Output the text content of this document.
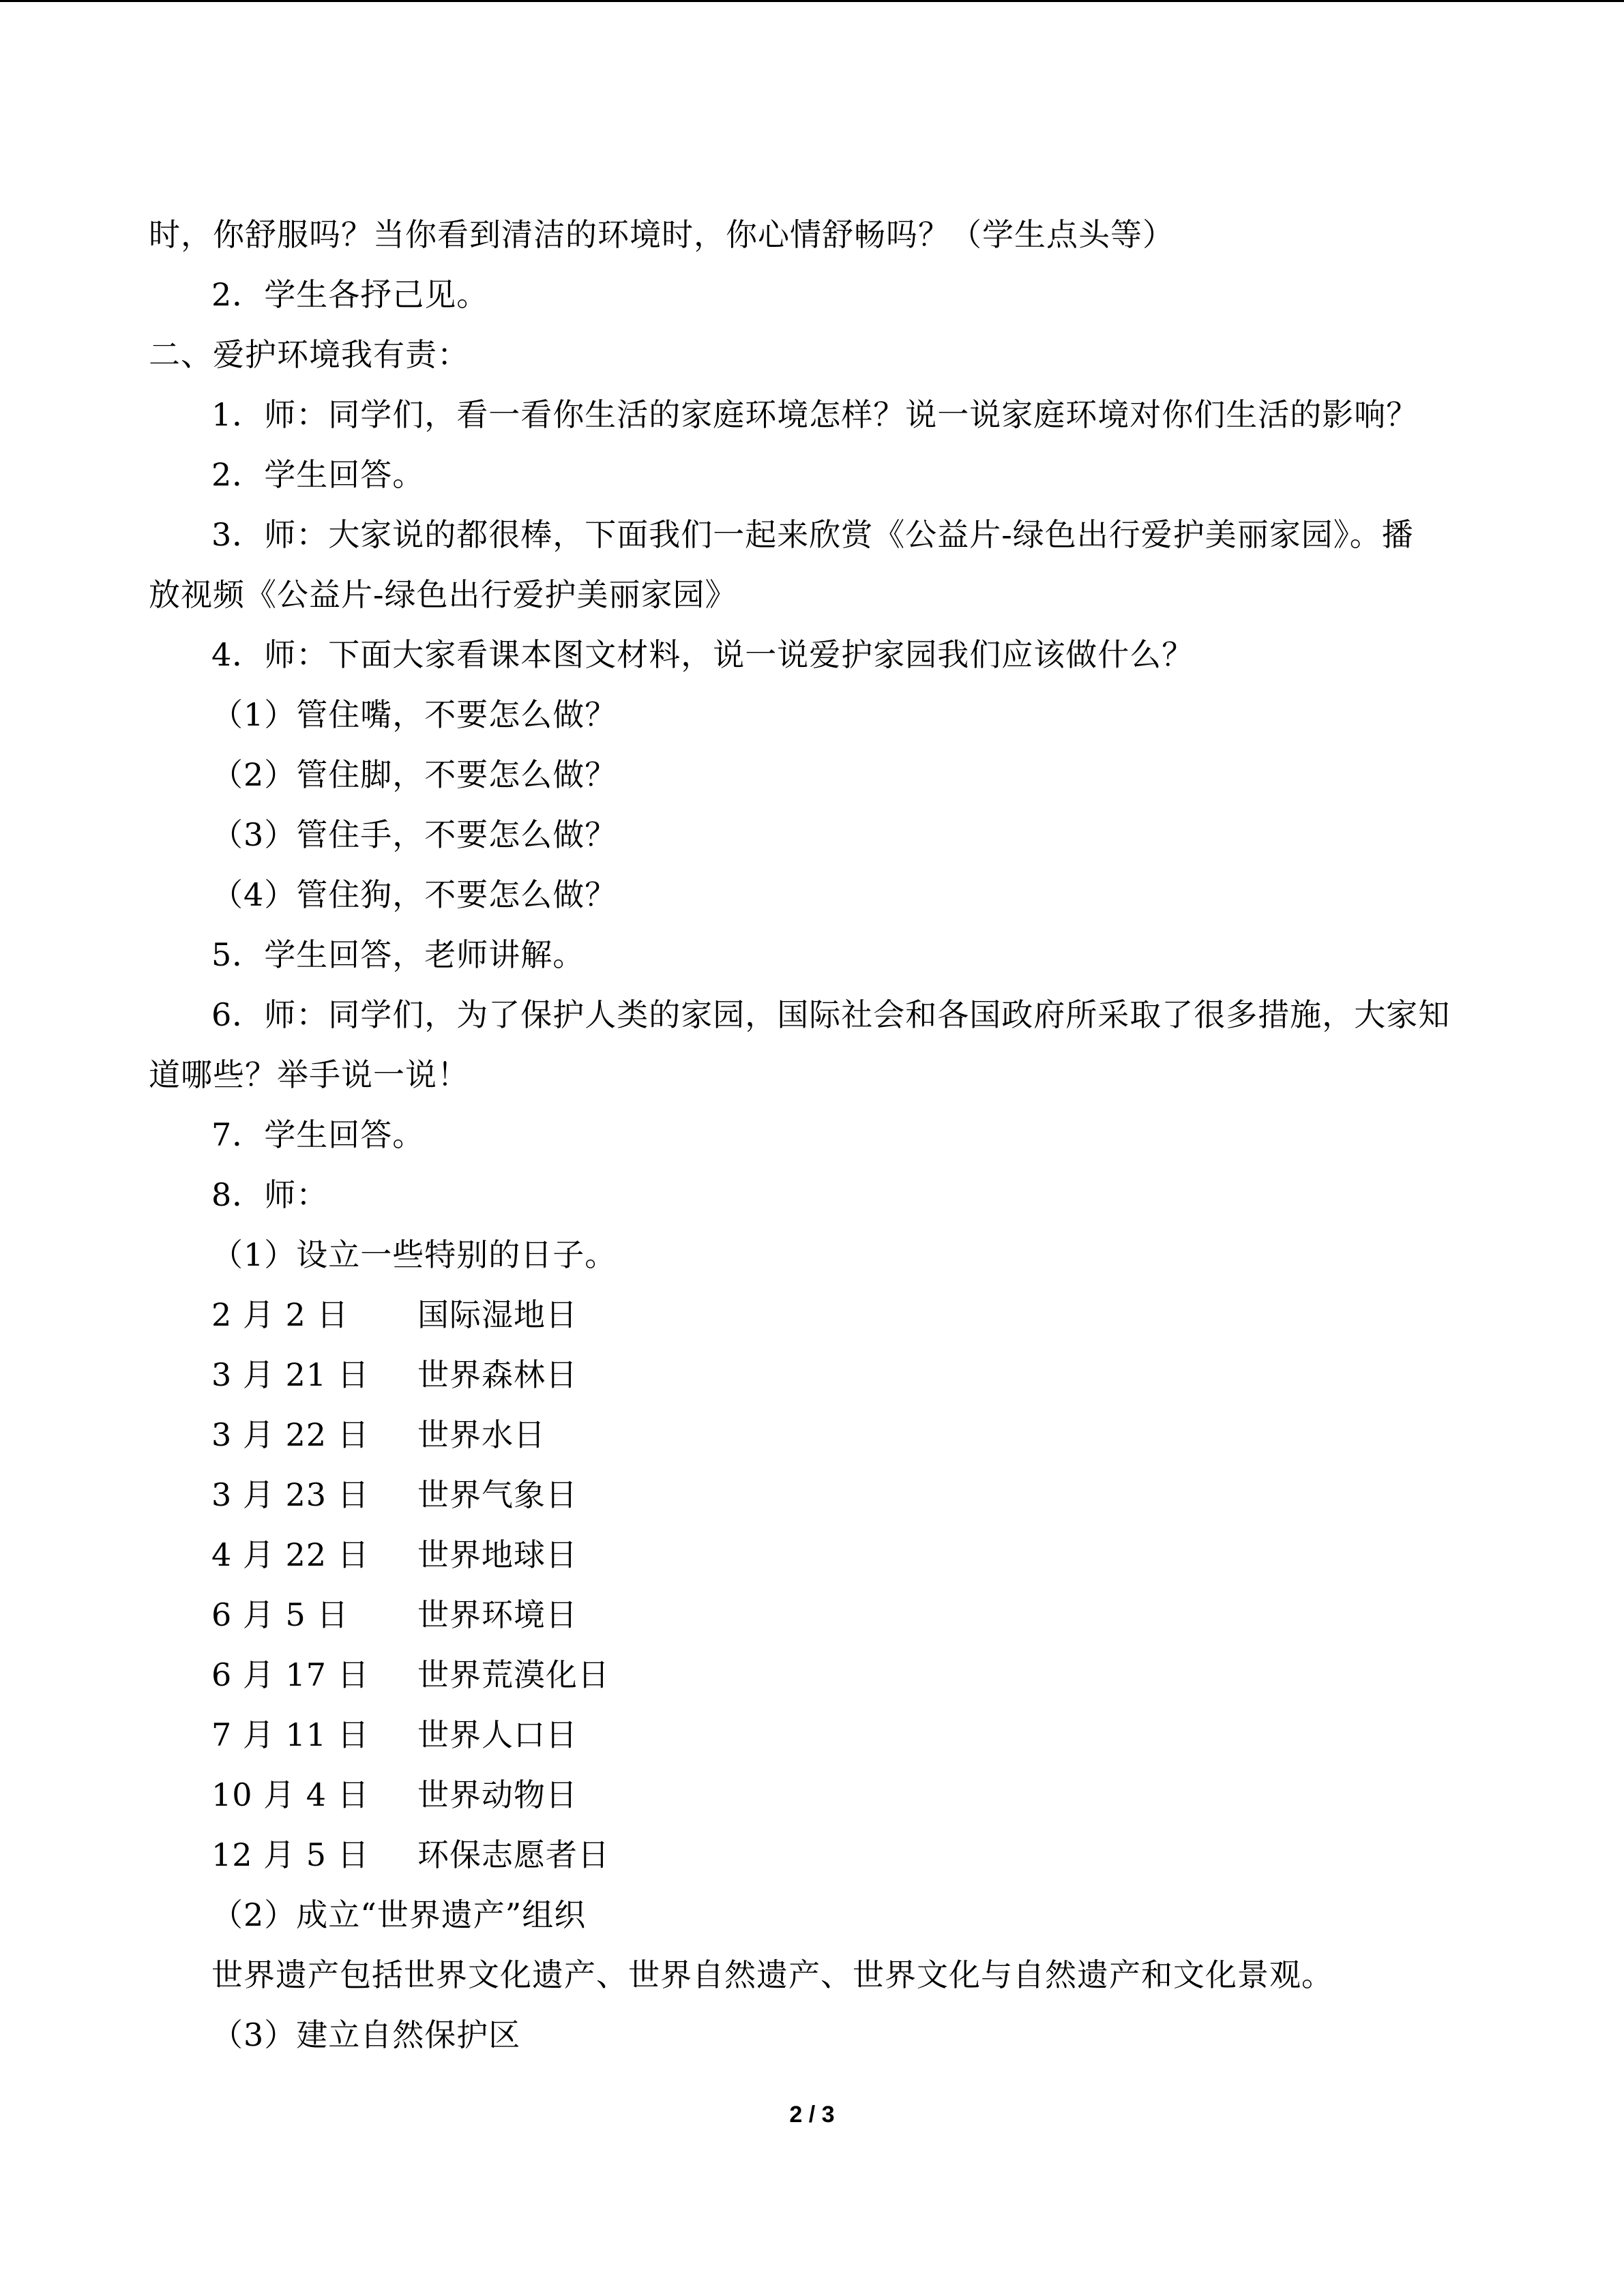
时，你舒服吗？当你看到清洁的环境时，你心情舒畅吗？（学生点头等）
2．学生各抒己见。
二、爱护环境我有责：
1．师：同学们，看一看你生活的家庭环境怎样？说一说家庭环境对你们生活的影响？
2．学生回答。
3．师：大家说的都很棒，下面我们一起来欣赏《公益片-绿色出行爱护美丽家园》。播
放视频《公益片-绿色出行爱护美丽家园》
4．师：下面大家看课本图文材料，说一说爱护家园我们应该做什么？
（1）管住嘴，不要怎么做？
（2）管住脚，不要怎么做？
（3）管住手，不要怎么做？
（4）管住狗，不要怎么做？
5．学生回答，老师讲解。
6．师：同学们，为了保护人类的家园，国际社会和各国政府所采取了很多措施，大家知
道哪些？举手说一说！
7．学生回答。
8．师：
（1）设立一些特别的日子。
2 月 2 日 国际湿地日
3 月 21 日 世界森林日
3 月 22 日 世界水日
3 月 23 日 世界气象日
4 月 22 日 世界地球日
6 月 5 日 世界环境日
6 月 17 日 世界荒漠化日
7 月 11 日 世界人口日
10 月 4 日 世界动物日
12 月 5 日 环保志愿者日
（2）成立“世界遗产”组织
世界遗产包括世界文化遗产、世界自然遗产、世界文化与自然遗产和文化景观。
（3）建立自然保护区
2 / 3
